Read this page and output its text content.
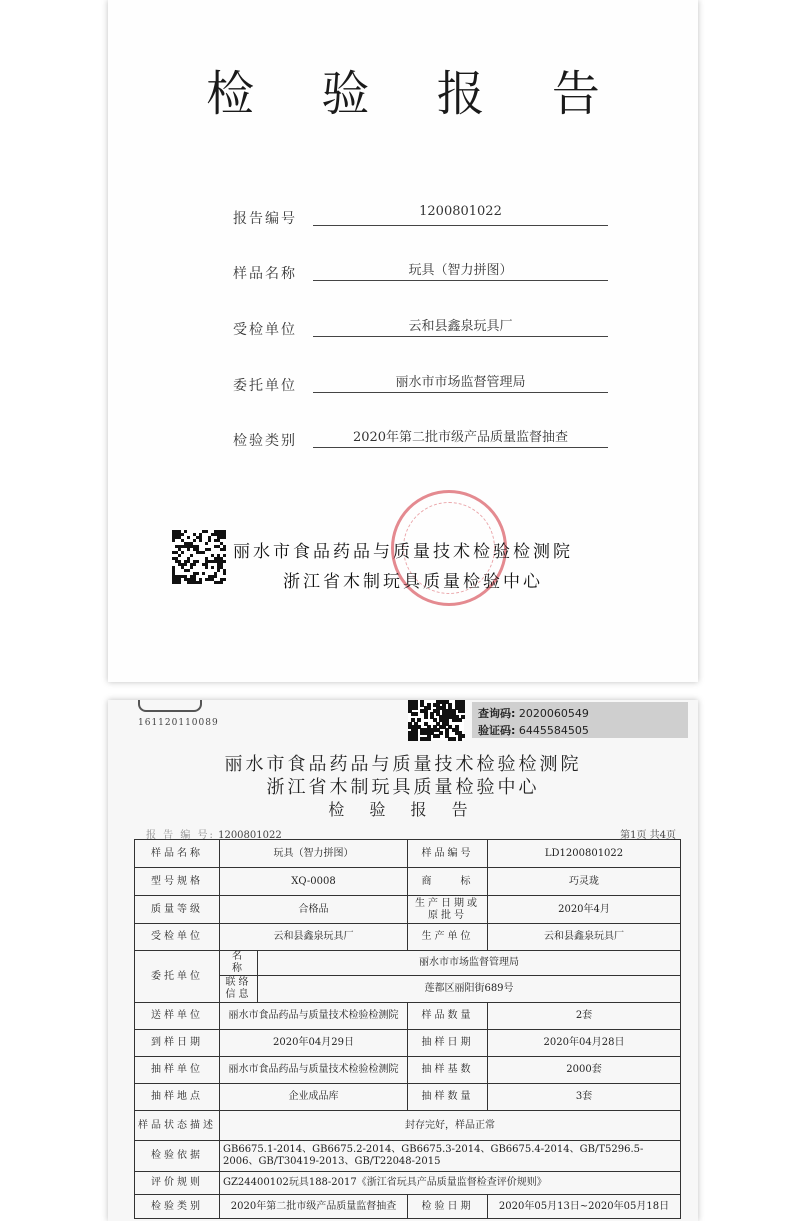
检 验 报 告
报告编号	1200801022
样品名称	玩具（智力拼图）
受检单位	云和县鑫泉玩具厂
委托单位	丽水市市场监督管理局
检验类别	2020年第二批市级产品质量监督抽查
丽水市食品药品与质量技术检验检测院
浙江省木制玩具质量检验中心
161120110089
查询码: 2020060549
验证码: 6445584505
丽水市食品药品与质量技术检验检测院
浙江省木制玩具质量检验中心
检 验 报 告
报 告 编 号: 1200801022	第1页 共4页
样品名称	玩具（智力拼图）		样品编号	LD1200801022
型号规格	XQ-0008		商　　标	巧灵珑
质量等级	合格品		生产日期或原批号	2020年4月
受检单位	云和县鑫泉玩具厂		生产单位	云和县鑫泉玩具厂
委托单位	名 称	丽水市市场监督管理局		
	联络信息	莲都区丽阳街689号		
送样单位	丽水市食品药品与质量技术检验检测院		样品数量	2套
到样日期	2020年04月29日		抽样日期	2020年04月28日
抽样单位	丽水市食品药品与质量技术检验检测院		抽样基数	2000套
抽样地点	企业成品库		抽样数量	3套
样品状态描述	封存完好，样品正常			
检验依据	GB6675.1-2014、GB6675.2-2014、GB6675.3-2014、GB6675.4-2014、GB/T5296.5-2006、GB/T30419-2013、GB/T22048-2015			
评价规则	GZ24400102玩具188-2017《浙江省玩具产品质量监督检查评价规则》			
检验类别	2020年第二批市级产品质量监督抽查		检验日期	2020年05月13日~2020年05月18日
